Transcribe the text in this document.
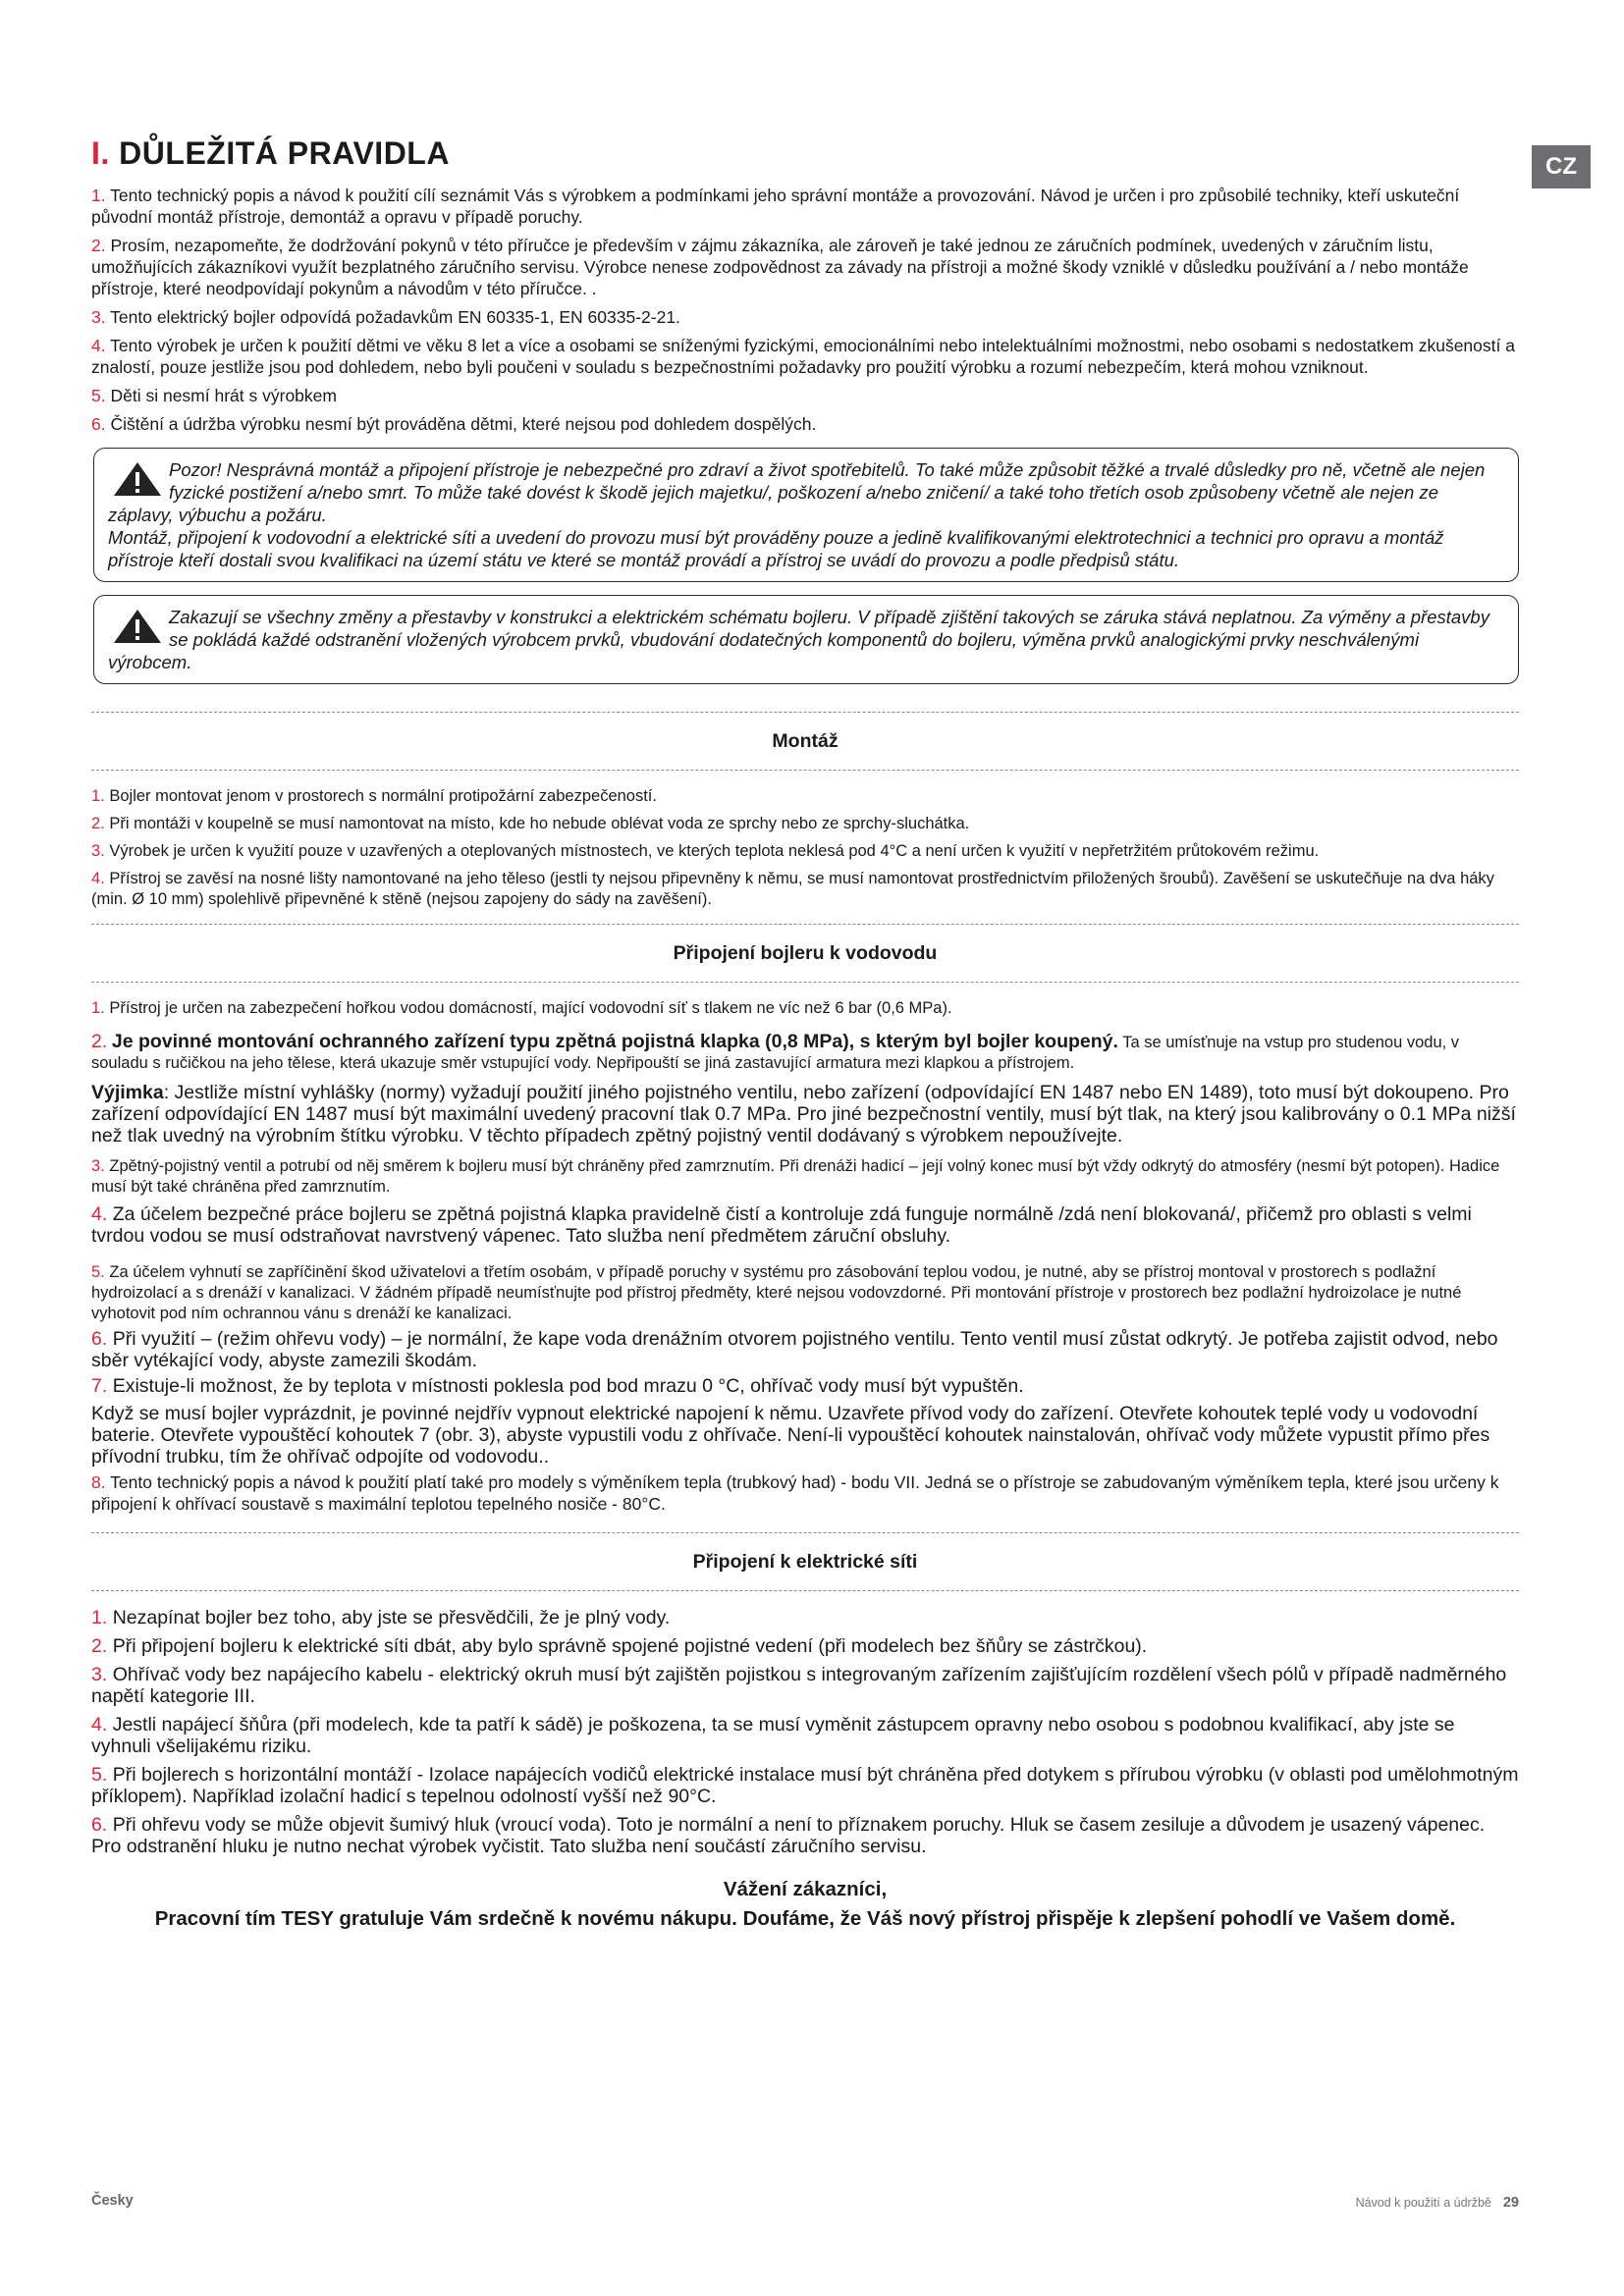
I. DŮLEŽITÁ PRAVIDLA

1. Tento technický popis a návod k použití cílí seznámit Vás s výrobkem a podmínkami jeho správní montáže a provozování. Návod je určen i pro způsobilé techniky, kteří uskuteční původní montáž přístroje, demontáž a opravu v případě poruchy.

2. Prosím, nezapomeňte, že dodržování pokynů v této příručce je především v zájmu zákazníka, ale zároveň je také jednou ze záručních podmínek, uvedených v záručním listu, umožňujících zákazníkovi využít bezplatného záručního servisu. Výrobce nenese zodpovědnost za závady na přístroji a možné škody vzniklé v důsledku používání a / nebo montáže přístroje, které neodpovídají pokynům a návodům v této příručce. .

3. Tento elektrický bojler odpovídá požadavkům EN 60335-1, EN 60335-2-21.

4. Tento výrobek je určen k použití dětmi ve věku 8 let a více a osobami se sníženými fyzickými, emocionálními nebo intelektuálními možnostmi, nebo osobami s nedostatkem zkušeností a znalostí, pouze jestliže jsou pod dohledem, nebo byli poučeni v souladu s bezpečnostními požadavky pro použití výrobku a rozumí nebezpečím, která mohou vzniknout.

5. Děti si nesmí hrát s výrobkem

6. Čištění a údržba výrobku nesmí být prováděna dětmi, které nejsou pod dohledem dospělých.

Pozor! Nesprávná montáž a připojení přístroje je nebezpečné pro zdraví a život spotřebitelů. To také může způsobit těžké a trvalé důsledky pro ně, včetně ale nejen fyzické postižení a/nebo smrt. To může také dovést k škodě jejich majetku/, poškození a/nebo zničení/ a také toho třetích osob způsobeny včetně ale nejen ze záplavy, výbuchu a požáru.
Montáž, připojení k vodovodní a elektrické síti a uvedení do provozu musí být prováděny pouze a jedině kvalifikovanými elektrotechnici a technici pro opravu a montáž přístroje kteří dostali svou kvalifikaci na území státu ve které se montáž provádí a přístroj se uvádí do provozu a podle předpisů státu.
Zakazují se všechny změny a přestavby v konstrukci a elektrickém schématu bojleru. V případě zjištění takových se záruka stává neplatnou. Za výměny a přestavby se pokládá každé odstranění vložených výrobcem prvků, vbudování dodatečných komponentů do bojleru, výměna prvků analogickými prvky neschválenými výrobcem.
Montáž

1. Bojler montovat jenom v prostorech s normální protipožární zabezpečeností.

2. Při montáži v koupelně se musí namontovat na místo, kde ho nebude oblévat voda ze sprchy nebo ze sprchy-sluchátka.

3. Výrobek je určen k využití pouze v uzavřených a oteplovaných místnostech, ve kterých teplota neklesá pod 4°C a není určen k využití v nepřetržitém průtokovém režimu.

4. Přístroj se zavěsí na nosné lišty namontované na jeho těleso (jestli ty nejsou připevněny k němu, se musí namontovat prostřednictvím přiložených šroubů). Zavěšení se uskutečňuje na dva háky (min. Ø 10 mm) spolehlivě připevněné k stěně (nejsou zapojeny do sády na zavěšení).

Připojení bojleru k vodovodu

1. Přístroj je určen na zabezpečení hořkou vodou domácností, mající vodovodní síť s tlakem ne víc než 6 bar (0,6 MPa).

2. Je povinné montování ochranného zařízení typu zpětná pojistná klapka (0,8 MPa), s kterým byl bojler koupený. Ta se umísťnuje na vstup pro studenou vodu, v souladu s ručičkou na jeho tělese, která ukazuje směr vstupující vody. Nepřipouští se jiná zastavující armatura mezi klapkou a přístrojem.

Výjimka: Jestliže místní vyhlášky (normy) vyžadují použití jiného pojistného ventilu, nebo zařízení (odpovídající EN 1487 nebo EN 1489), toto musí být dokoupeno. Pro zařízení odpovídající EN 1487 musí být maximální uvedený pracovní tlak 0.7 MPa. Pro jiné bezpečnostní ventily, musí být tlak, na který jsou kalibrovány o 0.1 MPa nižší než tlak uvedný na výrobním štítku výrobku. V těchto případech zpětný pojistný ventil dodávaný s výrobkem nepoužívejte.

3. Zpětný-pojistný ventil a potrubí od něj směrem k bojleru musí být chráněny před zamrznutím. Při drenáži hadicí – její volný konec musí být vždy odkrytý do atmosféry (nesmí být potopen). Hadice musí být také chráněna před zamrznutím.

4. Za účelem bezpečné práce bojleru se zpětná pojistná klapka pravidelně čistí a kontroluje zdá funguje normálně /zdá není blokovaná/, přičemž pro oblasti s velmi tvrdou vodou se musí odstraňovat navrstvený vápenec. Tato služba není předmětem záruční obsluhy.

5. Za účelem vyhnutí se zapříčinění škod uživatelovi a třetím osobám, v případě poruchy v systému pro zásobování teplou vodou, je nutné, aby se přístroj montoval v prostorech s podlažní hydroizolací a s drenáží v kanalizaci. V žádném případě neumísťnujte pod přístroj předměty, které nejsou vodovzdorné. Při montování přístroje v prostorech bez podlažní hydroizolace je nutné vyhotovit pod ním ochrannou vánu s drenáží ke kanalizaci.

6. Při využití – (režim ohřevu vody) – je normální, že kape voda drenážním otvorem pojistného ventilu. Tento ventil musí zůstat odkrytý. Je potřeba zajistit odvod, nebo sběr vytékající vody, abyste zamezili škodám.

7. Existuje-li možnost, že by teplota v místnosti poklesla pod bod mrazu 0 °C, ohřívač vody musí být vypuštěn.

Když se musí bojler vyprázdnit, je povinné nejdřív vypnout elektrické napojení k němu. Uzavřete přívod vody do zařízení. Otevřete kohoutek teplé vody u vodovodní baterie. Otevřete vypouštěcí kohoutek 7 (obr. 3), abyste vypustili vodu z ohřívače. Není-li vypouštěcí kohoutek nainstalován, ohřívač vody můžete vypustit přímo přes přívodní trubku, tím že ohřívač odpojíte od vodovodu..

8. Tento technický popis a návod k použití platí také pro modely s výměníkem tepla (trubkový had) - bodu VII. Jedná se o přístroje se zabudovaným výměníkem tepla, které jsou určeny k připojení k ohřívací soustavě s maximální teplotou tepelného nosiče - 80°C.

Připojení k elektrické síti

1. Nezapínat bojler bez toho, aby jste se přesvědčili, že je plný vody.

2. Při připojení bojleru k elektrické síti dbát, aby bylo správně spojené pojistné vedení (při modelech bez šňůry se zástrčkou).

3. Ohřívač vody bez napájecího kabelu - elektrický okruh musí být zajištěn pojistkou s integrovaným zařízením zajišťujícím rozdělení všech pólů v případě nadměrného napětí kategorie III.

4. Jestli napájecí šňůra (při modelech, kde ta patří k sádě) je poškozena, ta se musí vyměnit zástupcem opravny nebo osobou s podobnou kvalifikací, aby jste se vyhnuli všelijakému riziku.

5. Při bojlerech s horizontální montáží - Izolace napájecích vodičů elektrické instalace musí být chráněna před dotykem s přírubou výrobku (v oblasti pod umělohmotným příklopem). Například izolační hadicí s tepelnou odolností vyšší než 90°C.

6. Při ohřevu vody se může objevit šumivý hluk (vroucí voda). Toto je normální a není to příznakem poruchy. Hluk se časem zesiluje a důvodem je usazený vápenec. Pro odstranění hluku je nutno nechat výrobek vyčistit. Tato služba není součástí záručního servisu.

Vážení zákazníci,
Pracovní tím TESY gratuluje Vám srdečně k novému nákupu. Doufáme, že Váš nový přístroj přispěje k zlepšení pohodlí ve Vašem domě.
Česky	Návod k použití a údržbě 29
CZ
